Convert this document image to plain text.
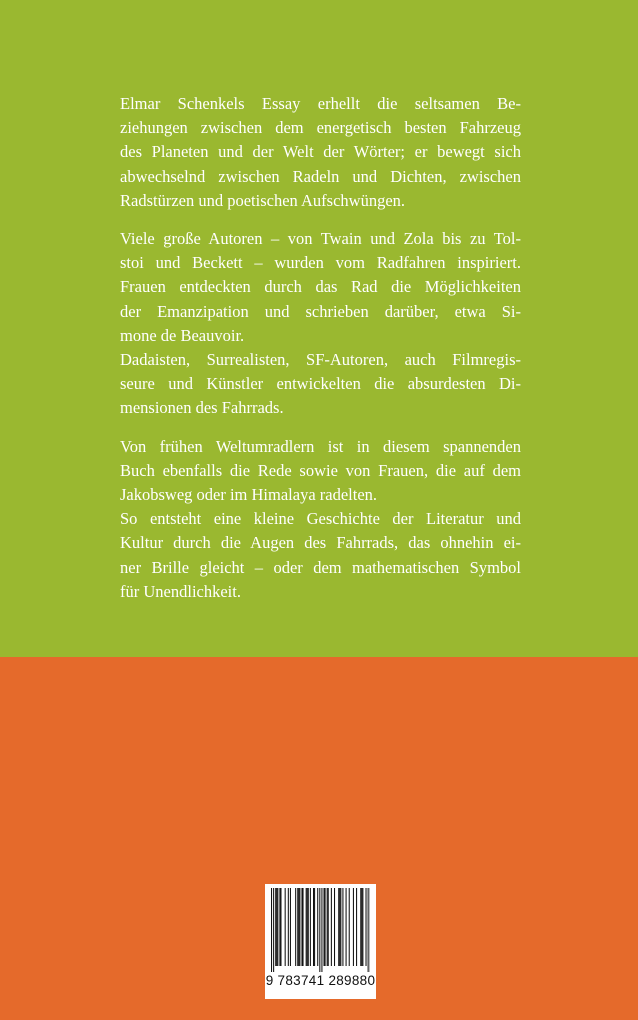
Elmar Schenkels Essay erhellt die seltsamen Be-
ziehungen zwischen dem energetisch besten Fahrzeug
des Planeten und der Welt der Wörter; er bewegt sich
abwechselnd zwischen Radeln und Dichten, zwischen
Radstürzen und poetischen Aufschwüngen.
Viele große Autoren – von Twain und Zola bis zu Tol-
stoi und Beckett – wurden vom Radfahren inspiriert.
Frauen entdeckten durch das Rad die Möglichkeiten
der Emanzipation und schrieben darüber, etwa Si-
mone de Beauvoir.
Dadaisten, Surrealisten, SF-Autoren, auch Filmregis-
seure und Künstler entwickelten die absurdesten Di-
mensionen des Fahrrads.
Von frühen Weltumradlern ist in diesem spannenden
Buch ebenfalls die Rede sowie von Frauen, die auf dem
Jakobsweg oder im Himalaya radelten.
So entsteht eine kleine Geschichte der Literatur und
Kultur durch die Augen des Fahrrads, das ohnehin ei-
ner Brille gleicht – oder dem mathematischen Symbol
für Unendlichkeit.
9 783741 289880
